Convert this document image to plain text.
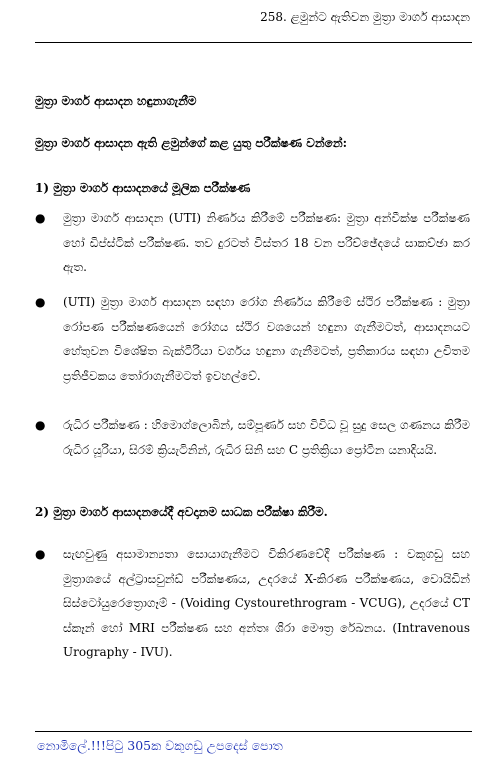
258. ළමුන්ට ඇතිවන මුත්‍රා මාර්ග ආසාදන
මුත්‍රා මාර්ග ආසාදන හඳුනාගැනීම
මුත්‍රා මාර්ග ආසාදන ඇති ළමුන්ගේ කළ යුතු පරීක්ෂණ වන්නේ:
1) මුත්‍රා මාර්ග ආසාදනයේ මූලික පරීක්ෂණ
●	මුත්‍රා මාර්ග ආසාදන (UTI) නිර්ණය කිරීමේ පරීක්ෂණ: මුත්‍රා අන්වීක්ෂ පරීක්ෂණ හෝ ඩිප්ස්ටික් පරීක්ෂණ. තව දුරටත් විස්තර 18 වන පරිච්ඡේදයේ සාකච්ඡා කර ඇත.
●	(UTI) මුත්‍රා මාර්ග ආසාදන සඳහා රෝග නිර්ණය කිරීමේ ස්ථිර පරීක්ෂණ : මුත්‍රා රෝපණ පරීක්ෂණයෙන් රෝගය ස්ථිර වශයෙන් හඳුනා ගැනීමටත්, ආසාදනයට හේතුවන විශේෂිත බැක්ටීරියා වර්ගය හඳුනා ගැනීමටත්, ප්‍රතිකාරය සඳහා උචිතම ප්‍රතිජීවකය තෝරාගැනීමටත් ඉවහල්වේ.
●	රුධිර පරීක්ෂණ : හිමොග්ලොබින්, සම්පූර්ණ සහ විවිධ වූ සුදු සෙල ගණනය කිරීම රුධිර යූරියා, සිරම් ක්‍රියැටිනින්, රුධිර සිනි සහ C ප්‍රතික්‍රියා ප්‍රෝටීන යනාදියයි.
2) මුත්‍රා මාර්ග ආසාදනයේදී අවදානම සාධක පරීක්ෂා කිරීම.
●	සැඟවුණු අසාමාන්‍යතා සොයාගැනීමට විකිරණවේදී පරීක්ෂණ : වකුගඩු සහ මුත්‍රාශයේ අල්ට්‍රාසවුන්ඩ් පරීක්ෂණය, උදරයේ X-කිරණ පරීක්ෂණය, වොයිඩින් සිස්ටෝයුරෙත්‍රොගෑම් - (Voiding Cystourethrogram - VCUG), උදරයේ CT ස්කෑන් හෝ MRI පරීක්ෂණ සහ අන්තඃ ශිරා මෞත්‍ර රේඛනය. (Intravenous Urography - IVU).
නොමිලේ.!!!පිටු 305ක වකුගඩු උපදෙස් පොත
